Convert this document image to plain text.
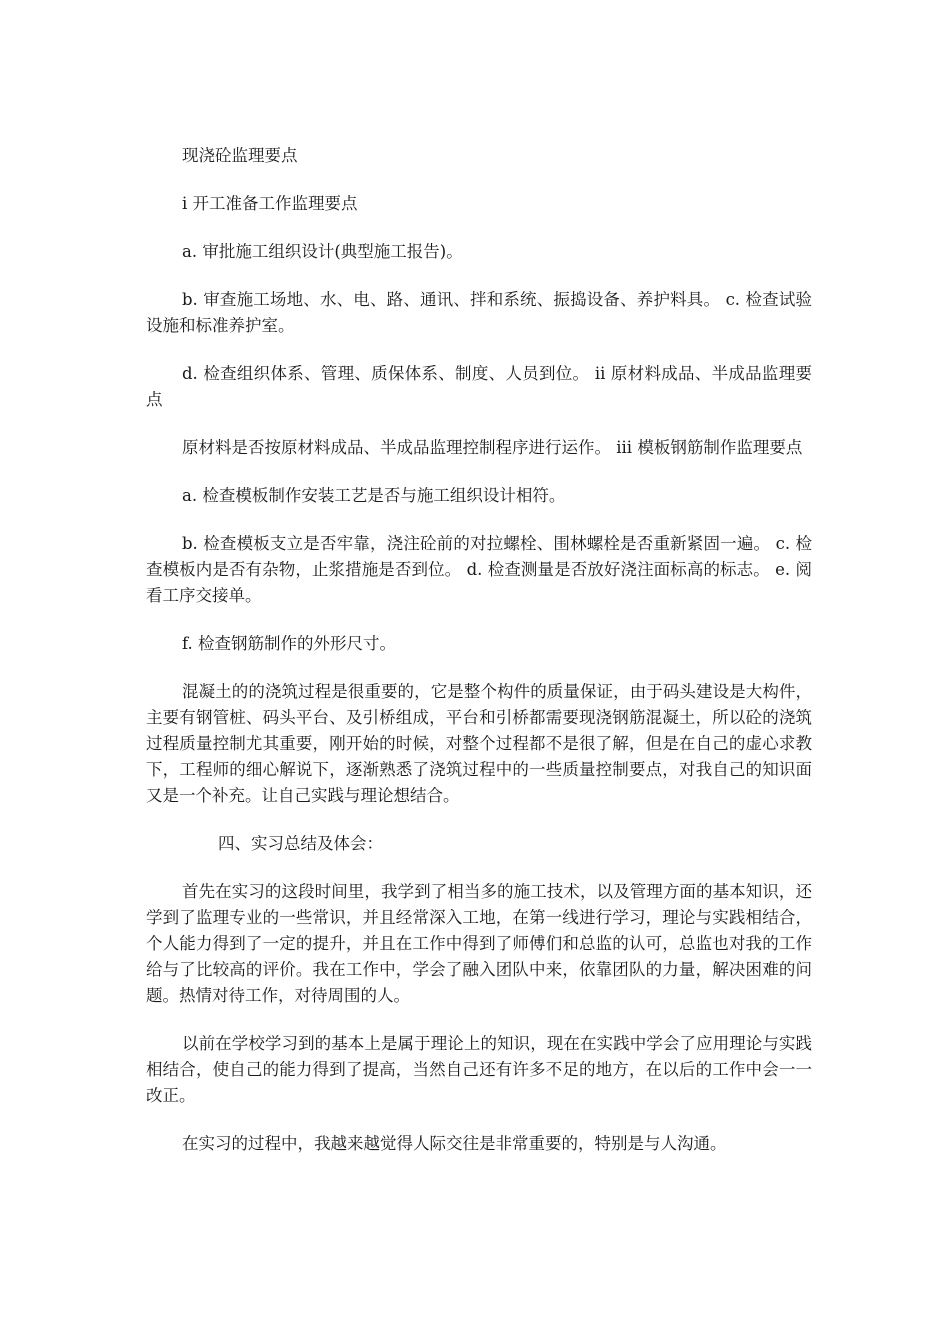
现浇砼监理要点

i 开工准备工作监理要点

a. 审批施工组织设计(典型施工报告)。

b. 审查施工场地、水、电、路、通讯、拌和系统、振捣设备、养护料具。 c. 检查试验设施和标准养护室。

d. 检查组织体系、管理、质保体系、制度、人员到位。 ii 原材料成品、半成品监理要点

原材料是否按原材料成品、半成品监理控制程序进行运作。 iii 模板钢筋制作监理要点

a. 检查模板制作安装工艺是否与施工组织设计相符。

b. 检查模板支立是否牢靠，浇注砼前的对拉螺栓、围林螺栓是否重新紧固一遍。 c. 检查模板内是否有杂物，止浆措施是否到位。 d. 检查测量是否放好浇注面标高的标志。 e. 阅看工序交接单。

f. 检查钢筋制作的外形尺寸。

混凝土的的浇筑过程是很重要的，它是整个构件的质量保证，由于码头建设是大构件，主要有钢管桩、码头平台、及引桥组成，平台和引桥都需要现浇钢筋混凝土，所以砼的浇筑过程质量控制尤其重要，刚开始的时候，对整个过程都不是很了解，但是在自己的虚心求教下，工程师的细心解说下，逐渐熟悉了浇筑过程中的一些质量控制要点，对我自己的知识面又是一个补充。让自己实践与理论想结合。

四、实习总结及体会：

首先在实习的这段时间里，我学到了相当多的施工技术，以及管理方面的基本知识，还学到了监理专业的一些常识，并且经常深入工地，在第一线进行学习，理论与实践相结合，个人能力得到了一定的提升，并且在工作中得到了师傅们和总监的认可，总监也对我的工作给与了比较高的评价。我在工作中，学会了融入团队中来，依靠团队的力量，解决困难的问题。热情对待工作，对待周围的人。

以前在学校学习到的基本上是属于理论上的知识，现在在实践中学会了应用理论与实践相结合，使自己的能力得到了提高，当然自己还有许多不足的地方，在以后的工作中会一一改正。

在实习的过程中，我越来越觉得人际交往是非常重要的，特别是与人沟通。
